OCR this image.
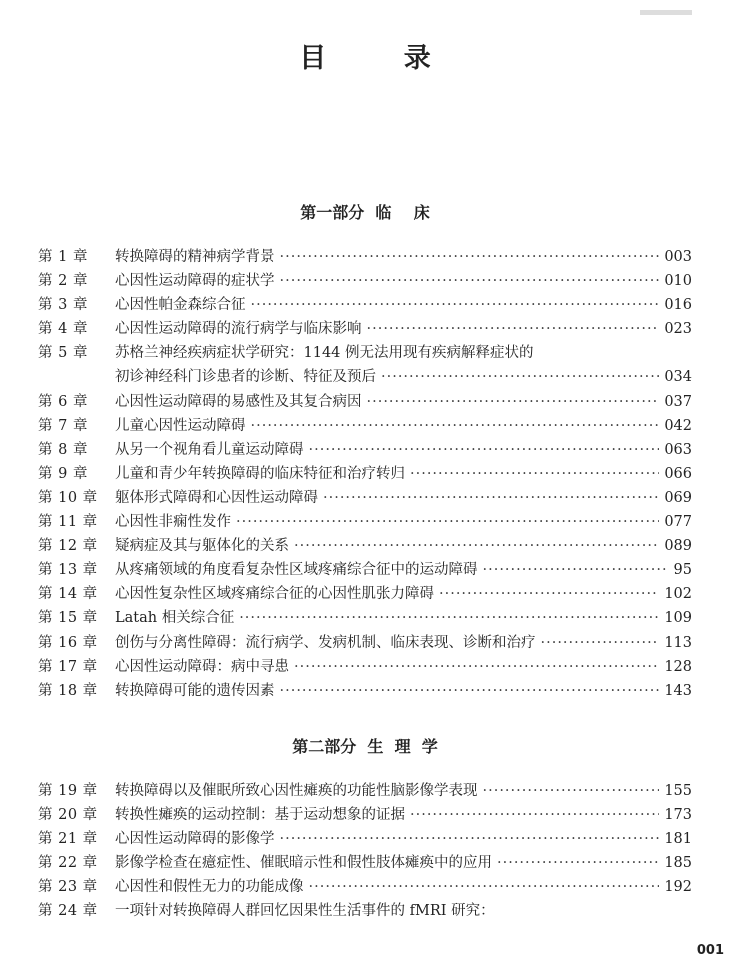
目 录
第一部分  临    床
第 1 章	转换障碍的精神病学背景 ·····	003
第 2 章	心因性运动障碍的症状学 ·····	010
第 3 章	心因性帕金森综合征 ·····	016
第 4 章	心因性运动障碍的流行病学与临床影响 ·····	023
第 5 章	苏格兰神经疾病症状学研究：1144 例无法用现有疾病解释症状的
初诊神经科门诊患者的诊断、特征及预后 ·····	034
第 6 章	心因性运动障碍的易感性及其复合病因 ·····	037
第 7 章	儿童心因性运动障碍 ·····	042
第 8 章	从另一个视角看儿童运动障碍 ·····	063
第 9 章	儿童和青少年转换障碍的临床特征和治疗转归 ·····	066
第 10 章	躯体形式障碍和心因性运动障碍 ·····	069
第 11 章	心因性非痫性发作 ·····	077
第 12 章	疑病症及其与躯体化的关系 ·····	089
第 13 章	从疼痛领域的角度看复杂性区域疼痛综合征中的运动障碍 ·····	95
第 14 章	心因性复杂性区域疼痛综合征的心因性肌张力障碍 ·····	102
第 15 章	Latah 相关综合征 ·····	109
第 16 章	创伤与分离性障碍：流行病学、发病机制、临床表现、诊断和治疗 ·····	113
第 17 章	心因性运动障碍：病中寻患 ·····	128
第 18 章	转换障碍可能的遗传因素 ·····	143
第二部分  生  理  学
第 19 章	转换障碍以及催眠所致心因性瘫痪的功能性脑影像学表现 ·····	155
第 20 章	转换性瘫痪的运动控制：基于运动想象的证据 ·····	173
第 21 章	心因性运动障碍的影像学 ·····	181
第 22 章	影像学检查在癔症性、催眠暗示性和假性肢体瘫痪中的应用 ·····	185
第 23 章	心因性和假性无力的功能成像 ·····	192
第 24 章	一项针对转换障碍人群回忆因果性生活事件的 fMRI 研究：
001
